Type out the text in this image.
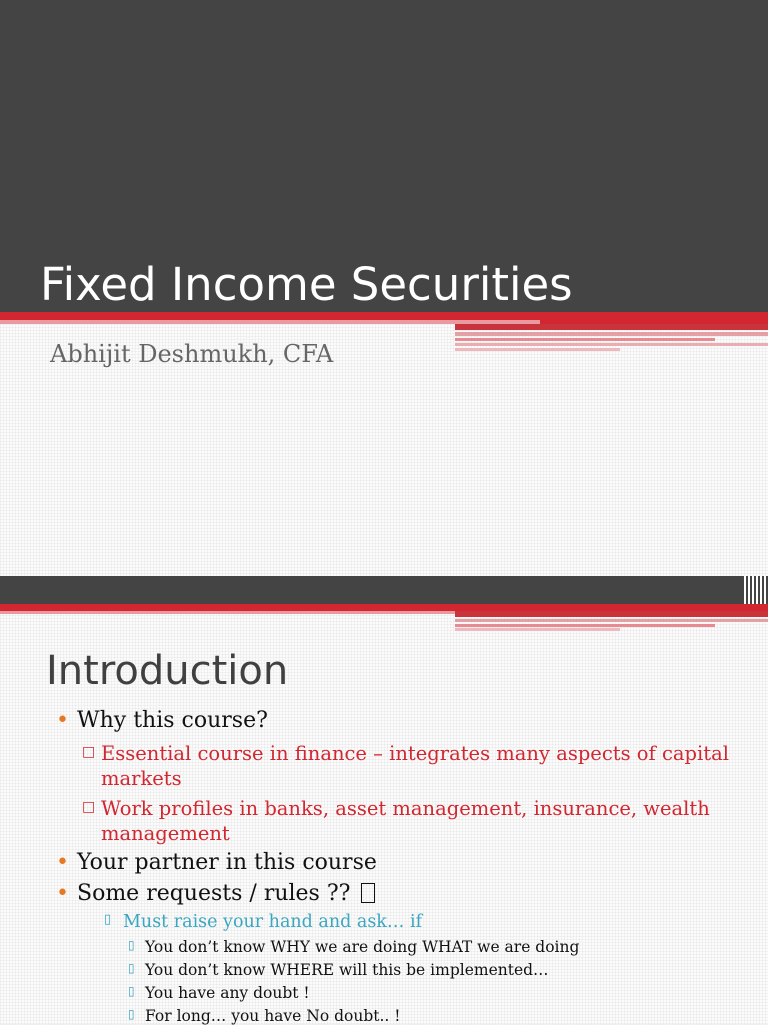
Fixed Income Securities
Abhijit Deshmukh, CFA
Introduction
• Why this course?
□ Essential course in finance – integrates many aspects of capital markets
□ Work profiles in banks, asset management, insurance, wealth management
• Your partner in this course
• Some requests / rules ??
▯ Must raise your hand and ask… if
▯ You don’t know WHY we are doing WHAT we are doing
▯ You don’t know WHERE will this be implemented…
▯ You have any doubt !
▯ For long… you have No doubt.. !
